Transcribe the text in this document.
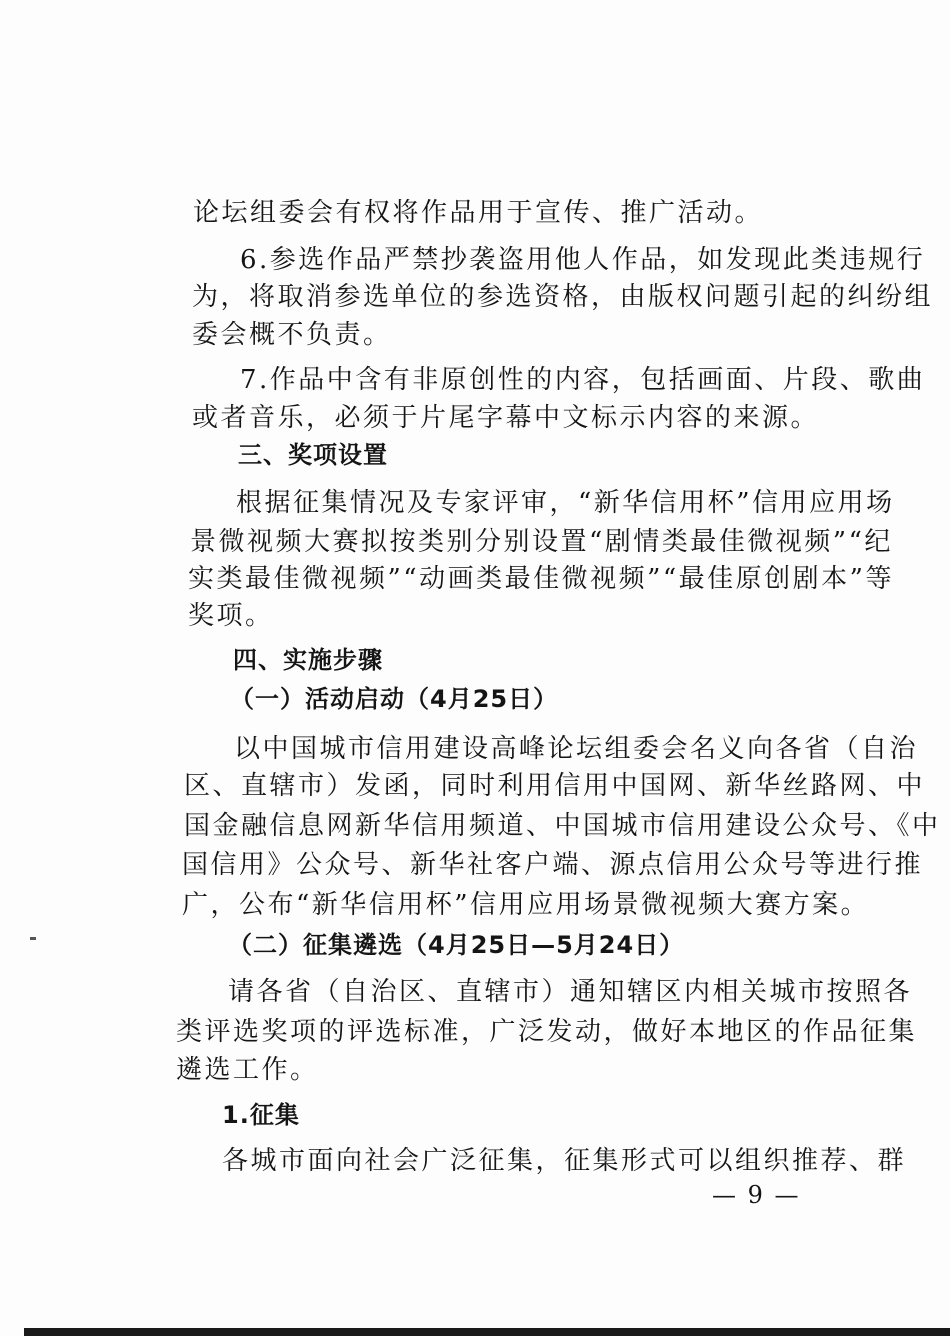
论坛组委会有权将作品用于宣传、推广活动。
6.参选作品严禁抄袭盗用他人作品，如发现此类违规行
为，将取消参选单位的参选资格，由版权问题引起的纠纷组
委会概不负责。
7.作品中含有非原创性的内容，包括画面、片段、歌曲
或者音乐，必须于片尾字幕中文标示内容的来源。
三、奖项设置
根据征集情况及专家评审，“新华信用杯”信用应用场
景微视频大赛拟按类别分别设置“剧情类最佳微视频”“纪
实类最佳微视频”“动画类最佳微视频”“最佳原创剧本”等
奖项。
四、实施步骤
（一）活动启动（4月25日）
以中国城市信用建设高峰论坛组委会名义向各省（自治
区、直辖市）发函，同时利用信用中国网、新华丝路网、中
国金融信息网新华信用频道、中国城市信用建设公众号、《中
国信用》公众号、新华社客户端、源点信用公众号等进行推
广，公布“新华信用杯”信用应用场景微视频大赛方案。
（二）征集遴选（4月25日—5月24日）
请各省（自治区、直辖市）通知辖区内相关城市按照各
类评选奖项的评选标准，广泛发动，做好本地区的作品征集
遴选工作。
1.征集
各城市面向社会广泛征集，征集形式可以组织推荐、群
— 9 —
